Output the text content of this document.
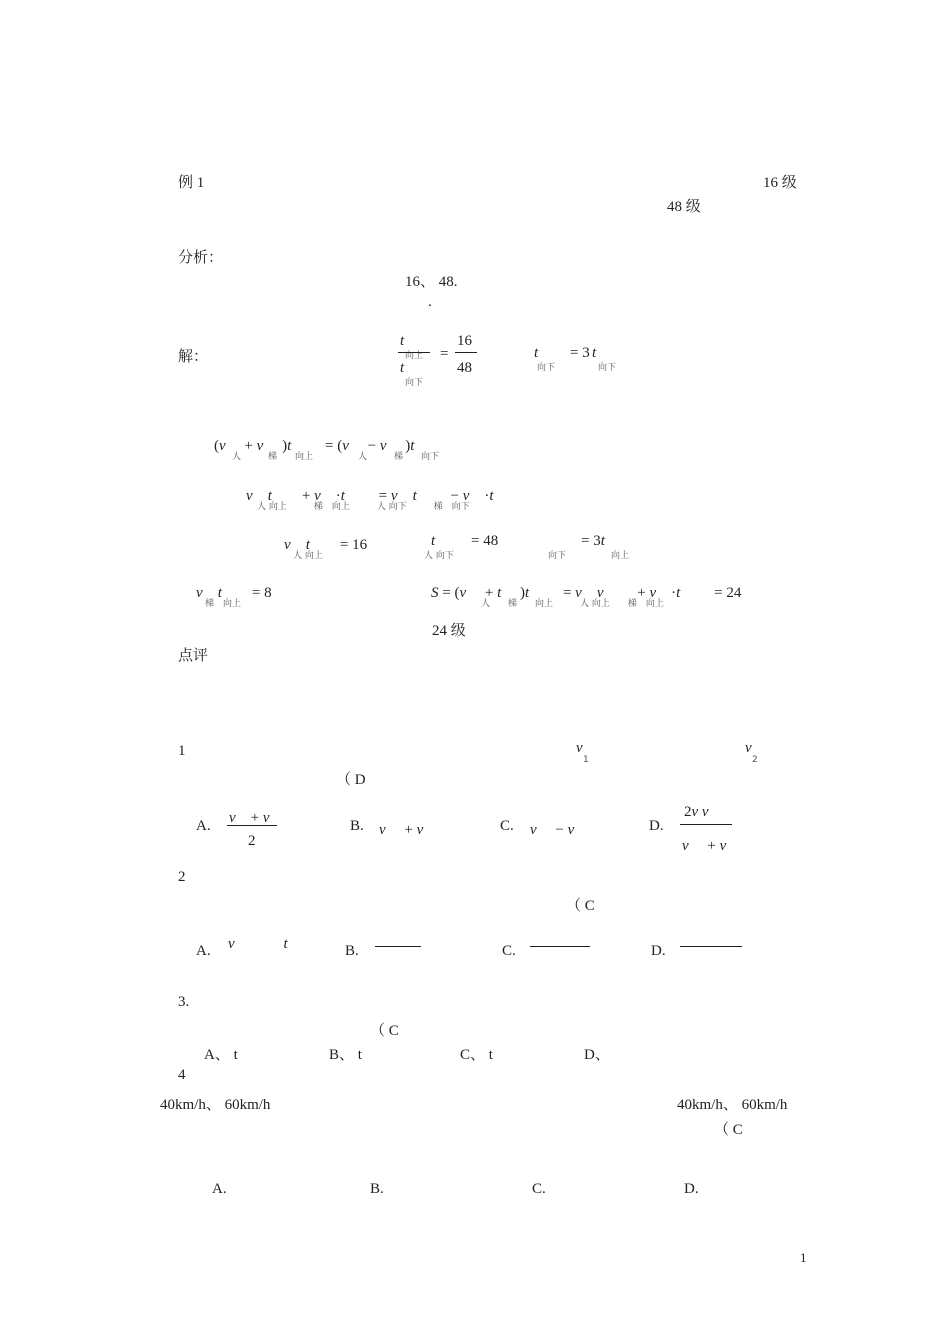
例 1	16 级
48 级
分析：
16、 48.
.
解：
t
向上
t
向下
=
16
48
t
向下
= 3 t
向下
(v　 + v　 )t　　 = (v　 − v　 )t
人　　　梯　　向上　　　　　人　　　梯　　向下
v　 t　　+ v　·t　　 = v　 t　　 − v　·t
人 向上　　　梯　向上　　　人 向下　　　梯　向下
v　 t　　= 16
人 向上
t = 48
人 向下
= 3t
向下　　　　　向上
v　 t　　 = 8
梯　向上
S = (v　 + t　 )t　　 = v　 v　　 + v　·t　　 = 24
人　　梯　　向上　　　人 向上　　梯　向上
24 级
点评
1	v
1
v
2
（ D
A. v　+ v
2
B. v　 + v	C. v　 − v	D.
2v v
v　 + v
2
（ C
A. v　　　	t	B.	C.	D.
3.
（ C
A、 t	B、 t	C、 t	D、
4
40km/h、 60km/h	40km/h、 60km/h
（ C
A.	B.	C.	D.
1
